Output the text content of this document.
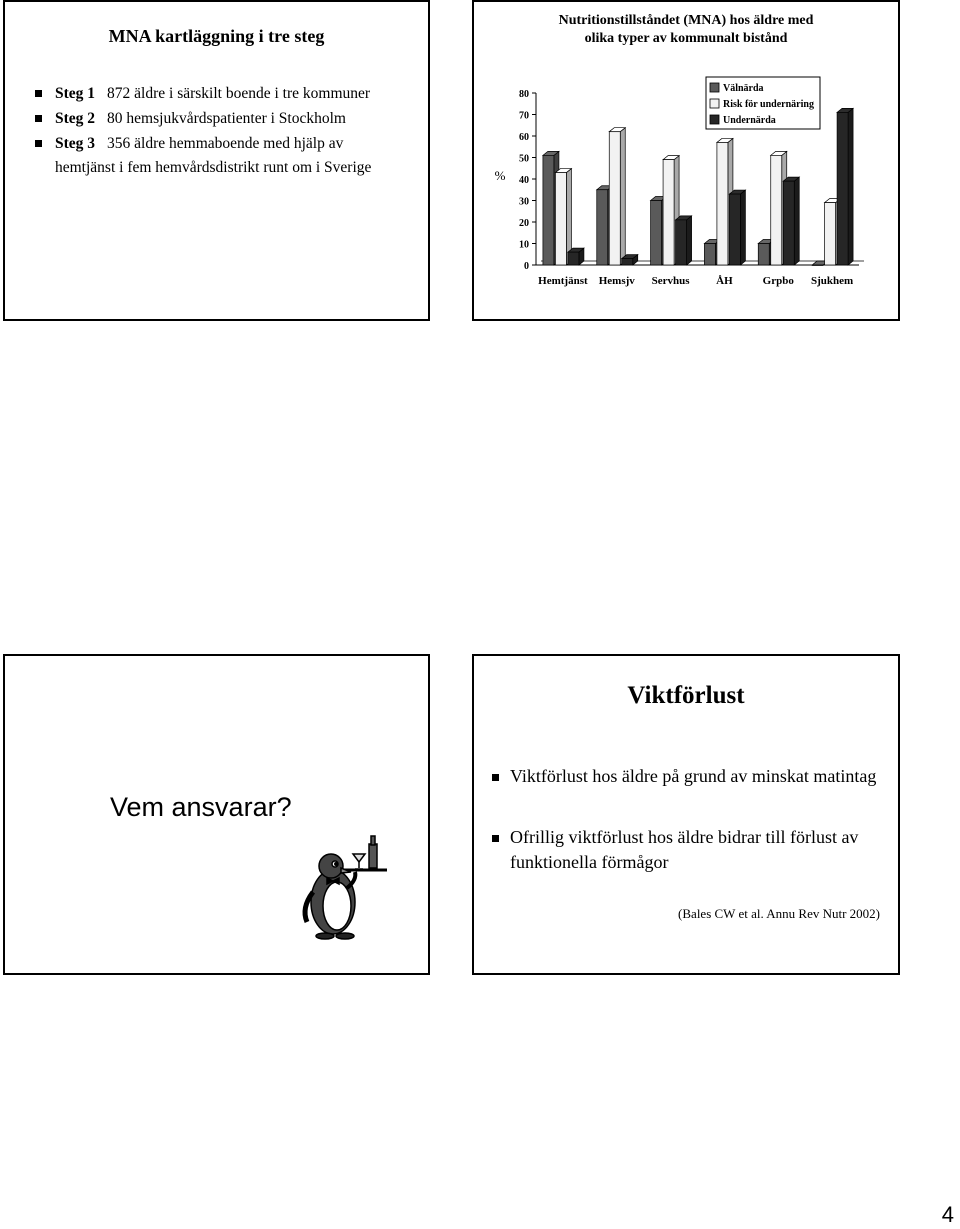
MNA kartläggning i tre steg
Steg 1 872 äldre i särskilt boende i tre kommuner
Steg 2 80 hemsjukvårdspatienter i Stockholm
Steg 3 356 äldre hemmaboende med hjälp av hemtjänst i fem hemvårdsdistrikt runt om i Sverige
Nutritionstillståndet (MNA) hos äldre med
olika typer av kommunalt bistånd
0
10
20
30
40
50
60
70
80
%
Hemtjänst Hemsjv Servhus ÅH	Grpbo Sjukhem
Välnärda
Risk för undernäring
Undernärda
Vem ansvarar?
Viktförlust
Viktförlust hos äldre på grund av minskat matintag
Ofrillig viktförlust hos äldre bidrar till förlust av funktionella förmågor
(Bales CW et al. Annu Rev Nutr 2002)
4
